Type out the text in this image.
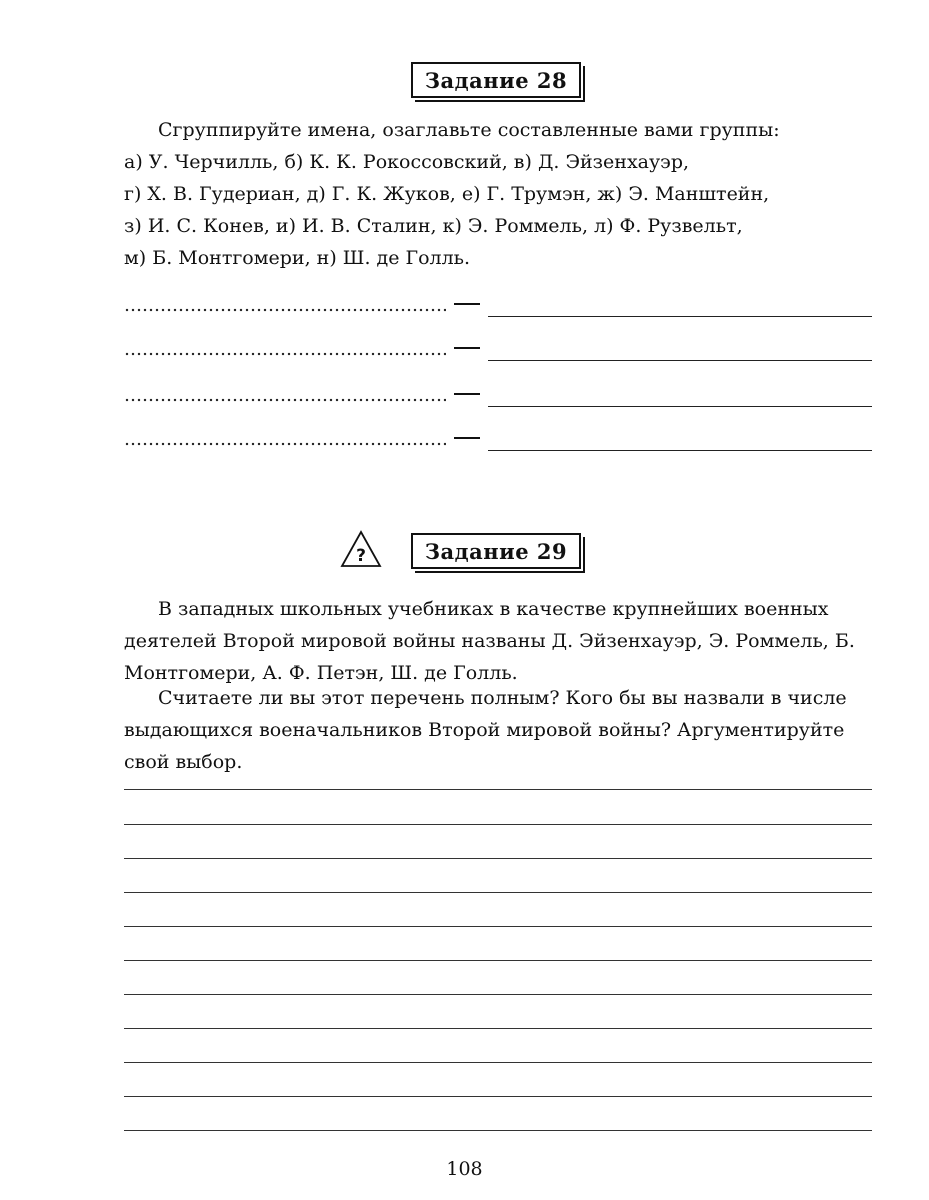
Задание 28
Сгруппируйте имена, озаглавьте составленные вами группы:
а) У. Черчилль, б) К. К. Рокоссовский, в) Д. Эйзенхауэр,
г) Х. В. Гудериан, д) Г. К. Жуков, е) Г. Трумэн, ж) Э. Манштейн,
з) И. С. Конев, и) И. В. Сталин, к) Э. Роммель, л) Ф. Рузвельт,
м) Б. Монтгомери, н) Ш. де Голль.
?	Задание 29
В западных школьных учебниках в качестве крупнейших военных деятелей Второй мировой войны названы Д. Эйзенхауэр, Э. Роммель, Б. Монтгомери, А. Ф. Петэн, Ш. де Голль.
Считаете ли вы этот перечень полным? Кого бы вы назвали в числе выдающихся военачальников Второй мировой войны? Аргументируйте свой выбор.
108
